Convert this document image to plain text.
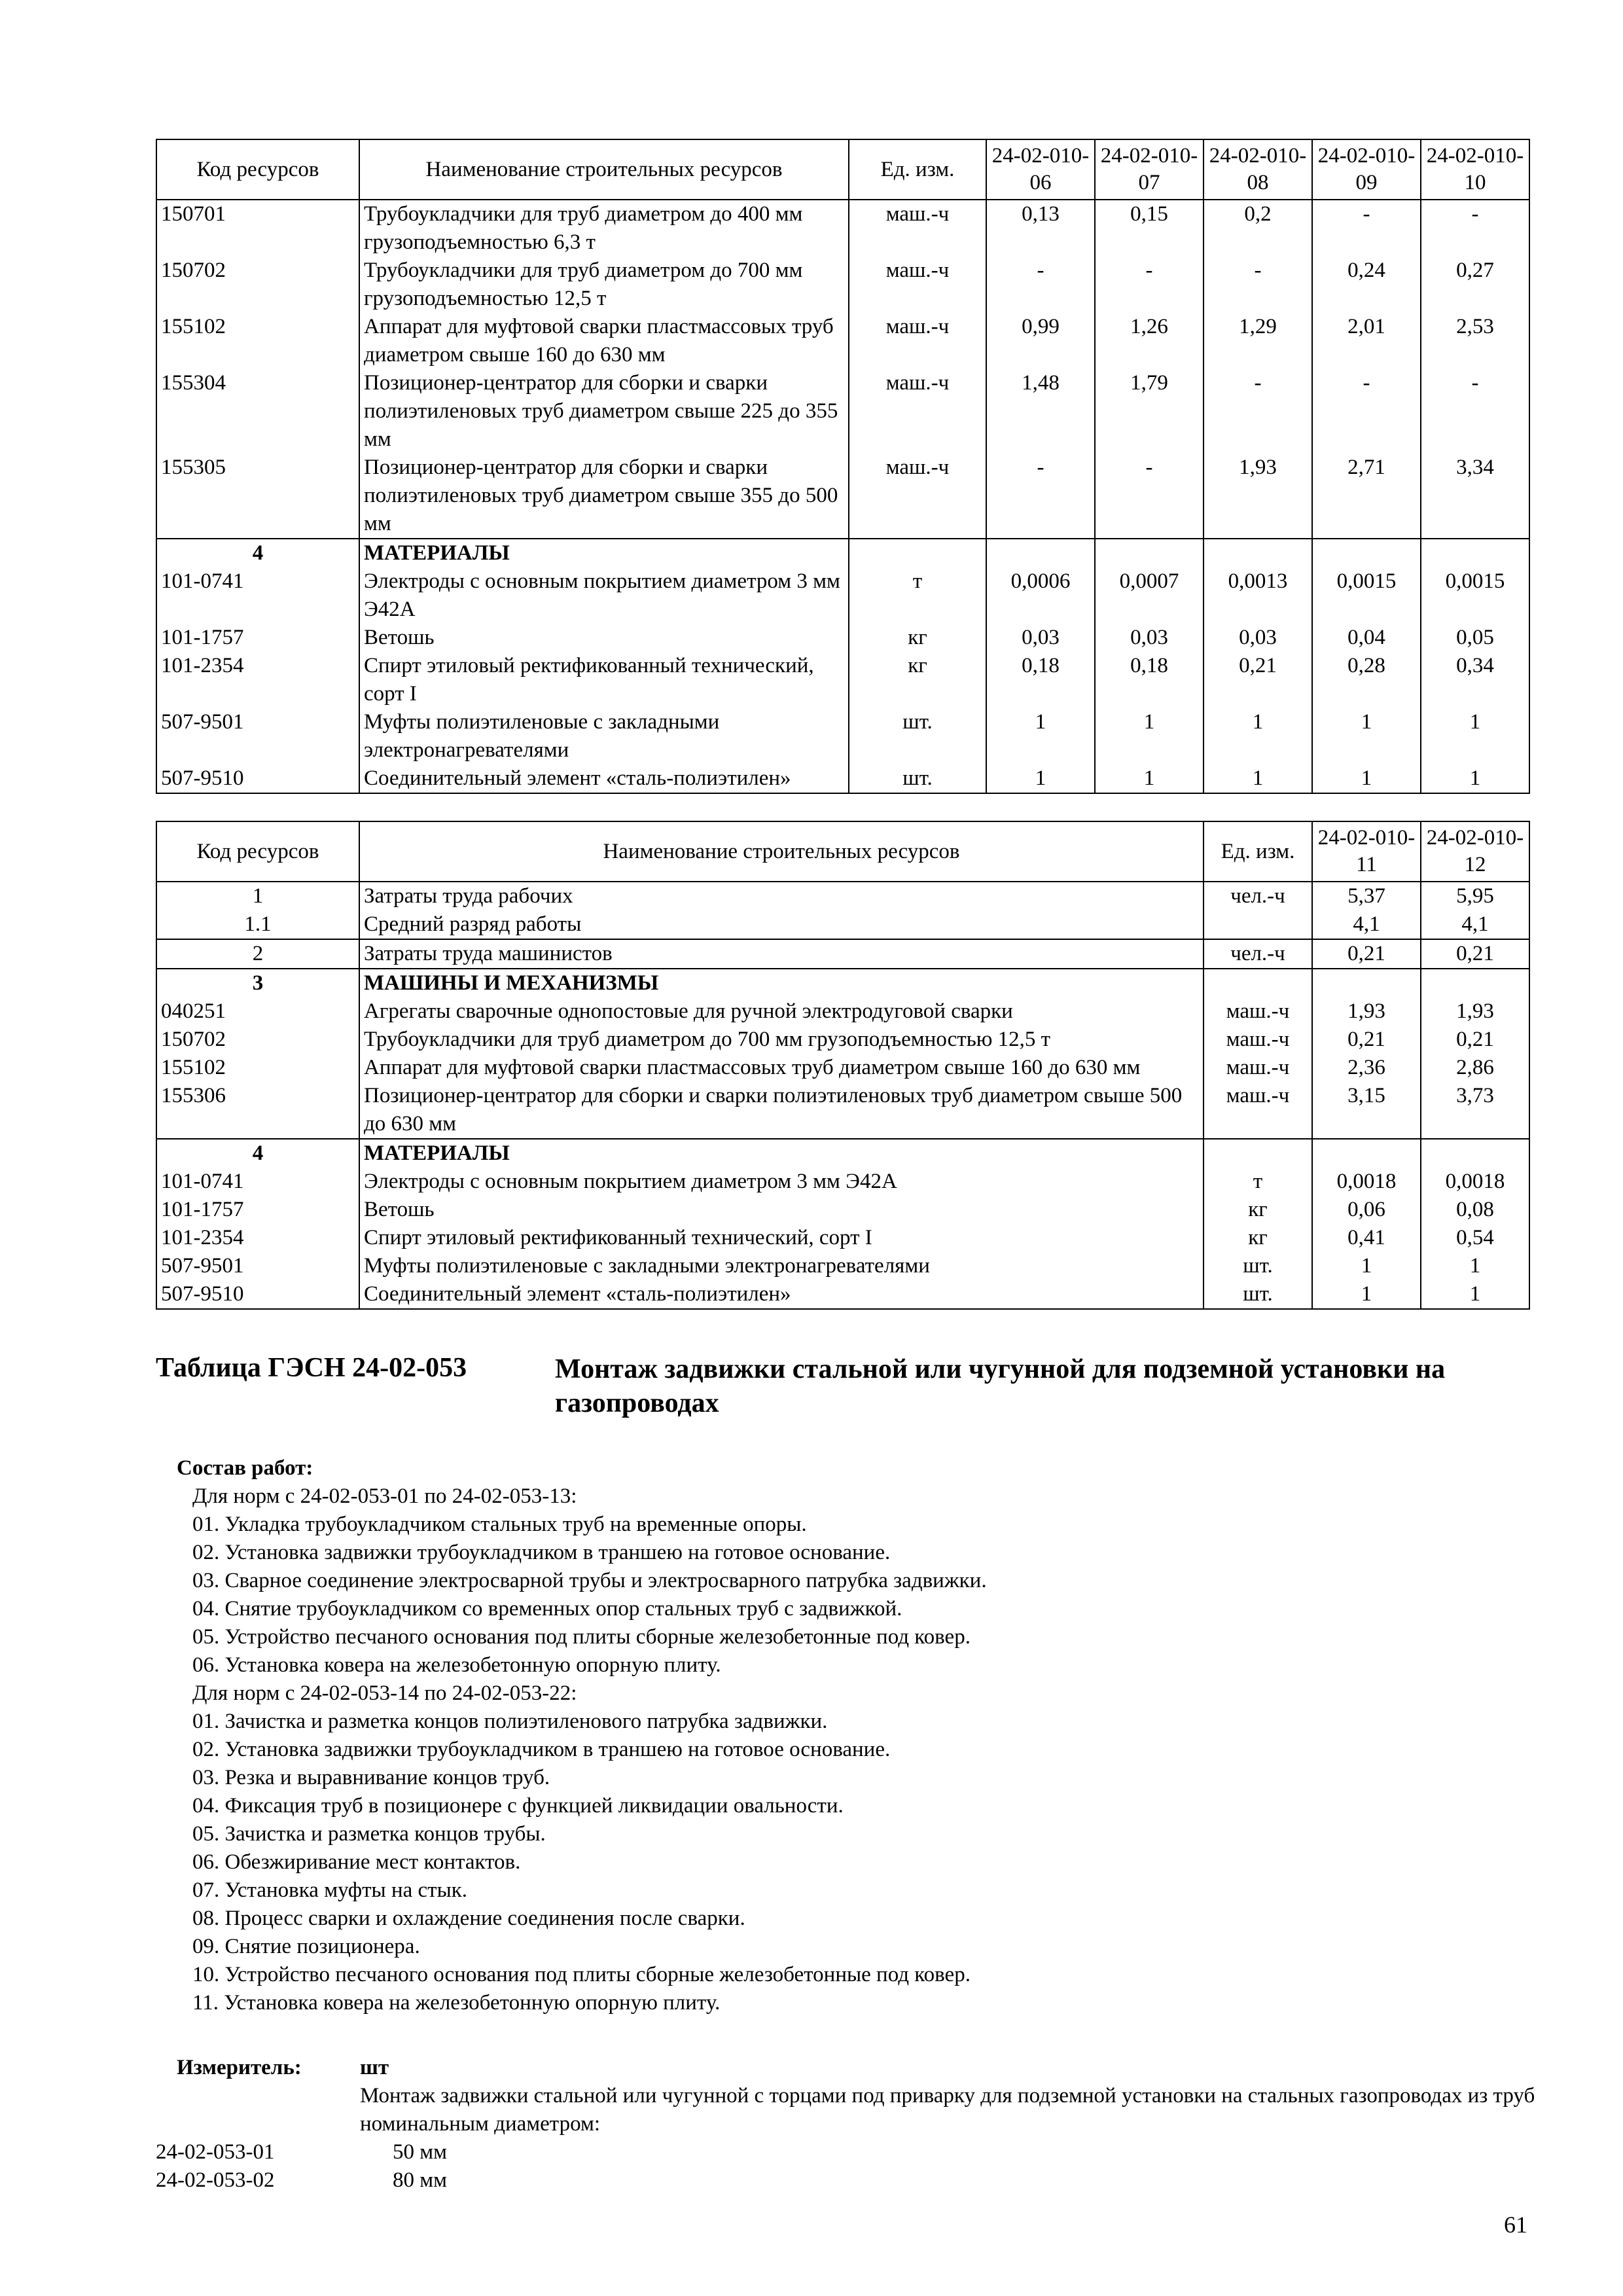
Код ресурсов	Наименование строительных ресурсов	Ед. изм.	24-02-010-06	24-02-010-07	24-02-010-08	24-02-010-09	24-02-010-10
150701	Трубоукладчики для труб диаметром до 400 мм грузоподъемностью 6,3 т	маш.-ч	0,13	0,15	0,2	-	-
150702	Трубоукладчики для труб диаметром до 700 мм грузоподъемностью 12,5 т	маш.-ч	-	-	-	0,24	0,27
155102	Аппарат для муфтовой сварки пластмассовых труб диаметром свыше 160 до 630 мм	маш.-ч	0,99	1,26	1,29	2,01	2,53
155304	Позиционер-центратор для сборки и сварки полиэтиленовых труб диаметром свыше 225 до 355 мм	маш.-ч	1,48	1,79	-	-	-
155305	Позиционер-центратор для сборки и сварки полиэтиленовых труб диаметром свыше 355 до 500 мм	маш.-ч	-	-	1,93	2,71	3,34
4	МАТЕРИАЛЫ						
101-0741	Электроды с основным покрытием диаметром 3 мм Э42А	т	0,0006	0,0007	0,0013	0,0015	0,0015
101-1757	Ветошь	кг	0,03	0,03	0,03	0,04	0,05
101-2354	Спирт этиловый ректификованный технический, сорт I	кг	0,18	0,18	0,21	0,28	0,34
507-9501	Муфты полиэтиленовые с закладными электронагревателями	шт.	1	1	1	1	1
507-9510	Соединительный элемент «сталь-полиэтилен»	шт.	1	1	1	1	1
Код ресурсов	Наименование строительных ресурсов	Ед. изм.	24-02-010-11	24-02-010-12
1	Затраты труда рабочих	чел.-ч	5,37	5,95
1.1	Средний разряд работы		4,1	4,1
2	Затраты труда машинистов	чел.-ч	0,21	0,21
3	МАШИНЫ И МЕХАНИЗМЫ			
040251	Агрегаты сварочные однопостовые для ручной электродуговой сварки	маш.-ч	1,93	1,93
150702	Трубоукладчики для труб диаметром до 700 мм грузоподъемностью 12,5 т	маш.-ч	0,21	0,21
155102	Аппарат для муфтовой сварки пластмассовых труб диаметром свыше 160 до 630 мм	маш.-ч	2,36	2,86
155306	Позиционер-центратор для сборки и сварки полиэтиленовых труб диаметром свыше 500 до 630 мм	маш.-ч	3,15	3,73
4	МАТЕРИАЛЫ			
101-0741	Электроды с основным покрытием диаметром 3 мм Э42А	т	0,0018	0,0018
101-1757	Ветошь	кг	0,06	0,08
101-2354	Спирт этиловый ректификованный технический, сорт I	кг	0,41	0,54
507-9501	Муфты полиэтиленовые с закладными электронагревателями	шт.	1	1
507-9510	Соединительный элемент «сталь-полиэтилен»	шт.	1	1
Таблица ГЭСН 24-02-053	Монтаж задвижки стальной или чугунной для подземной установки на газопроводах
Состав работ:
Для норм с 24-02-053-01 по 24-02-053-13:
01. Укладка трубоукладчиком стальных труб на временные опоры.
02. Установка задвижки трубоукладчиком в траншею на готовое основание.
03. Сварное соединение электросварной трубы и электросварного патрубка задвижки.
04. Снятие трубоукладчиком со временных опор стальных труб с задвижкой.
05. Устройство песчаного основания под плиты сборные железобетонные под ковер.
06. Установка ковера на железобетонную опорную плиту.
Для норм с 24-02-053-14 по 24-02-053-22:
01. Зачистка и разметка концов полиэтиленового патрубка задвижки.
02. Установка задвижки трубоукладчиком в траншею на готовое основание.
03. Резка и выравнивание концов труб.
04. Фиксация труб в позиционере с функцией ликвидации овальности.
05. Зачистка и разметка концов трубы.
06. Обезжиривание мест контактов.
07. Установка муфты на стык.
08. Процесс сварки и охлаждение соединения после сварки.
09. Снятие позиционера.
10. Устройство песчаного основания под плиты сборные железобетонные под ковер.
11. Установка ковера на железобетонную опорную плиту.
Измеритель:	шт
Монтаж задвижки стальной или чугунной с торцами под приварку для подземной установки на стальных газопроводах из труб номинальным диаметром:
24-02-053-01	50 мм
24-02-053-02	80 мм
61
